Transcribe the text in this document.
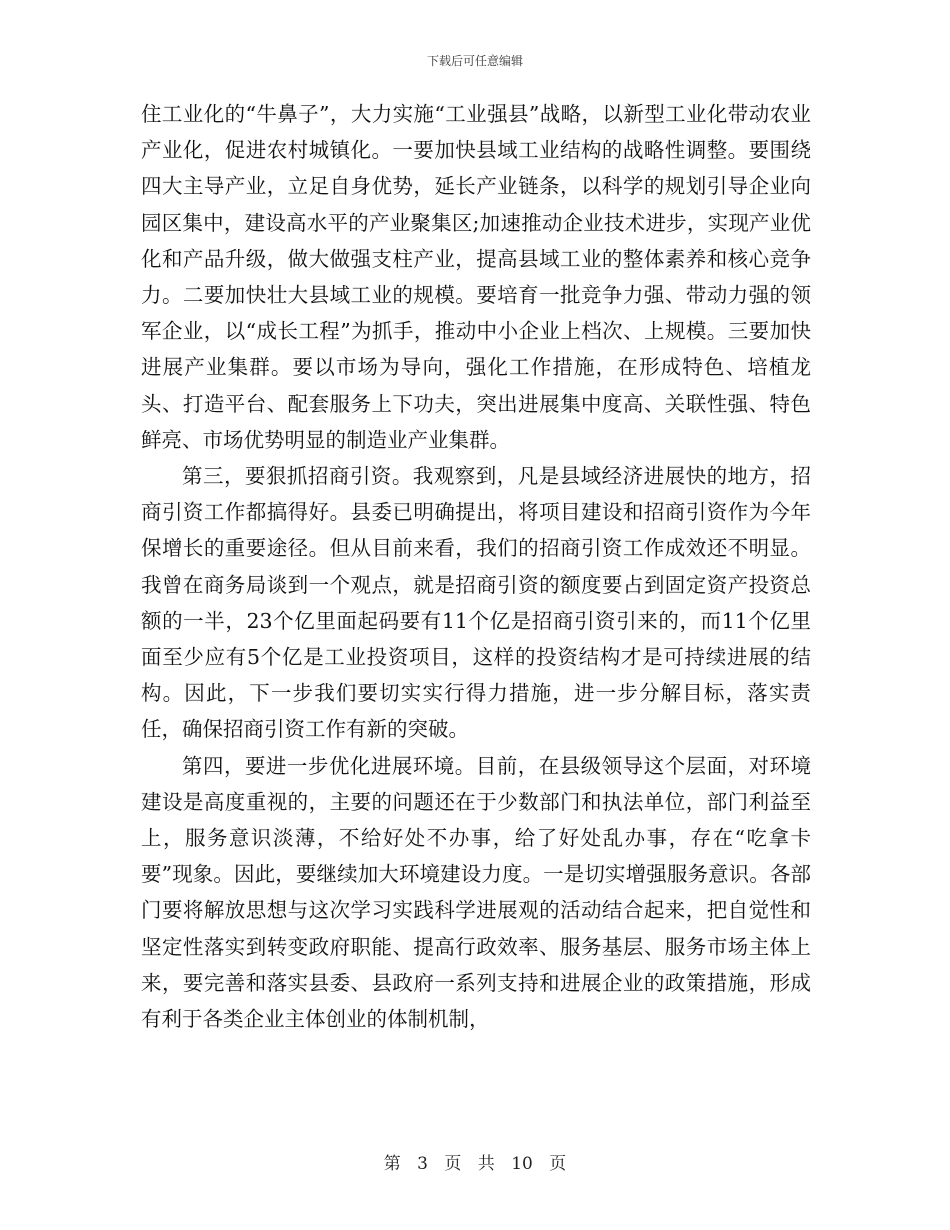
下载后可任意编辑

住工业化的“牛鼻子”，大力实施“工业强县”战略，以新型工业化带动农业产业化，促进农村城镇化。一要加快县域工业结构的战略性调整。要围绕四大主导产业，立足自身优势，延长产业链条，以科学的规划引导企业向园区集中，建设高水平的产业聚集区;加速推动企业技术进步，实现产业优化和产品升级，做大做强支柱产业，提高县域工业的整体素养和核心竞争力。二要加快壮大县域工业的规模。要培育一批竞争力强、带动力强的领军企业，以“成长工程”为抓手，推动中小企业上档次、上规模。三要加快进展产业集群。要以市场为导向，强化工作措施，在形成特色、培植龙头、打造平台、配套服务上下功夫，突出进展集中度高、关联性强、特色鲜亮、市场优势明显的制造业产业集群。

第三，要狠抓招商引资。我观察到，凡是县域经济进展快的地方，招商引资工作都搞得好。县委已明确提出，将项目建设和招商引资作为今年保增长的重要途径。但从目前来看，我们的招商引资工作成效还不明显。我曾在商务局谈到一个观点，就是招商引资的额度要占到固定资产投资总额的一半，23个亿里面起码要有11个亿是招商引资引来的，而11个亿里面至少应有5个亿是工业投资项目，这样的投资结构才是可持续进展的结构。因此，下一步我们要切实实行得力措施，进一步分解目标，落实责任，确保招商引资工作有新的突破。

第四，要进一步优化进展环境。目前，在县级领导这个层面，对环境建设是高度重视的，主要的问题还在于少数部门和执法单位，部门利益至上，服务意识淡薄，不给好处不办事，给了好处乱办事，存在“吃拿卡要”现象。因此，要继续加大环境建设力度。一是切实增强服务意识。各部门要将解放思想与这次学习实践科学进展观的活动结合起来，把自觉性和坚定性落实到转变政府职能、提高行政效率、服务基层、服务市场主体上来，要完善和落实县委、县政府一系列支持和进展企业的政策措施，形成有利于各类企业主体创业的体制机制，

第 3 页 共 10 页
